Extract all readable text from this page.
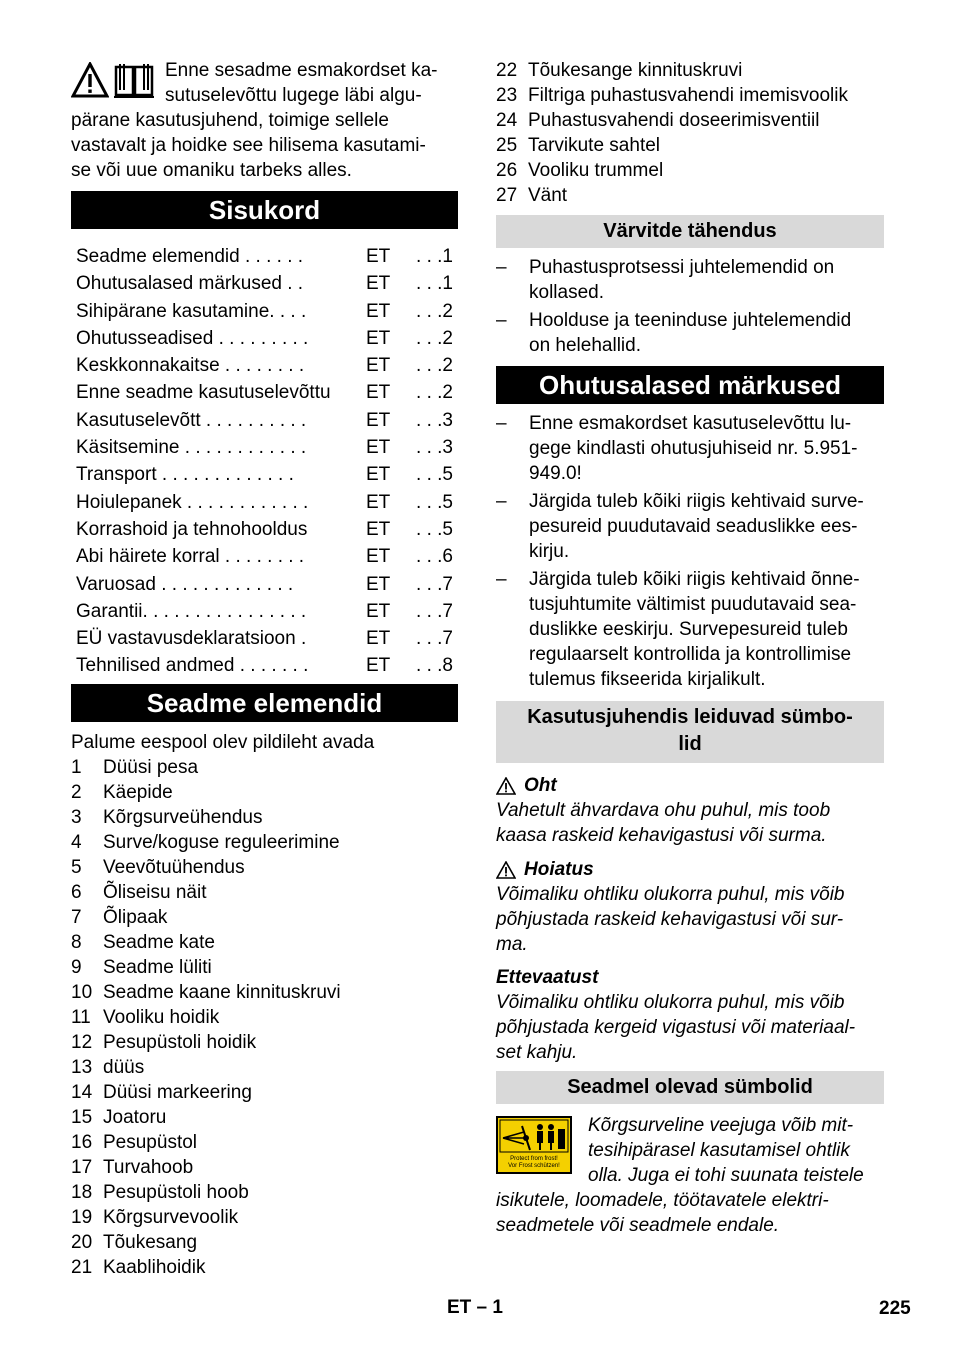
Enne sesadme esmakordset ka-
sutuselevõttu lugege läbi algu-
pärane kasutusjuhend, toimige sellele
vastavalt ja hoidke see hilisema kasutami-
se või uue omaniku tarbeks alles.
Sisukord
Seadme elemendid . . . . . .	ET	. . .1
Ohutusalased märkused . .	ET	. . .1
Sihipärane kasutamine. . . .	ET	. . .2
Ohutusseadised . . . . . . . . .	ET	. . .2
Keskkonnakaitse . . . . . . . .	ET	. . .2
Enne seadme kasutuselevõttu	ET	. . .2
Kasutuselevõtt . . . . . . . . . .	ET	. . .3
Käsitsemine . . . . . . . . . . . .	ET	. . .3
Transport . . . . . . . . . . . . .	ET	. . .5
Hoiulepanek . . . . . . . . . . . .	ET	. . .5
Korrashoid ja tehnohooldus	ET	. . .5
Abi häirete korral . . . . . . . .	ET	. . .6
Varuosad . . . . . . . . . . . . .	ET	. . .7
Garantii. . . . . . . . . . . . . . . .	ET	. . .7
EÜ vastavusdeklaratsioon .	ET	. . .7
Tehnilised andmed . . . . . . .	ET	. . .8
Seadme elemendid
Palume eespool olev pildileht avada
1	Düüsi pesa
2	Käepide
3	Kõrgsurveühendus
4	Surve/koguse reguleerimine
5	Veevõtuühendus
6	Õliseisu näit
7	Õlipaak
8	Seadme kate
9	Seadme lüliti
10 Seadme kaane kinnituskruvi
11 Vooliku hoidik
12 Pesupüstoli hoidik
13 düüs
14 Düüsi markeering
15 Joatoru
16 Pesupüstol
17 Turvahoob
18 Pesupüstoli hoob
19 Kõrgsurvevoolik
20 Tõukesang
21 Kaablihoidik
22 Tõukesange kinnituskruvi
23 Filtriga puhastusvahendi imemisvoolik
24 Puhastusvahendi doseerimisventiil
25 Tarvikute sahtel
26 Vooliku trummel
27 Vänt
Värvitde tähendus
–	Puhastusprotsessi juhtelemendid on
kollased.
–	Hoolduse ja teeninduse juhtelemendid
on helehallid.
Ohutusalased märkused
–	Enne esmakordset kasutuselevõttu lu-
gege kindlasti ohutusjuhiseid nr. 5.951-
949.0!
–	Järgida tuleb kõiki riigis kehtivaid surve-
pesureid puudutavaid seaduslikke ees-
kirju.
–	Järgida tuleb kõiki riigis kehtivaid õnne-
tusjuhtumite vältimist puudutavaid sea-
duslikke eeskirju. Survepesureid tuleb
regulaarselt kontrollida ja kontrollimise
tulemus fikseerida kirjalikult.
Kasutusjuhendis leiduvad sümbo-
lid
Oht
Vahetult ähvardava ohu puhul, mis toob
kaasa raskeid kehavigastusi või surma.
Hoiatus
Võimaliku ohtliku olukorra puhul, mis võib
põhjustada raskeid kehavigastusi või sur-
ma.
Ettevaatust
Võimaliku ohtliku olukorra puhul, mis võib
põhjustada kergeid vigastusi või materiaal-
set kahju.
Seadmel olevad sümbolid
Protect from frost!
Vor Frost schützen!
Kõrgsurveline veejuga võib mit-
tesihipärasel kasutamisel ohtlik
olla. Juga ei tohi suunata teistele
isikutele, loomadele, töötavatele elektri-
seadmetele või seadmele endale.
ET – 1	225
